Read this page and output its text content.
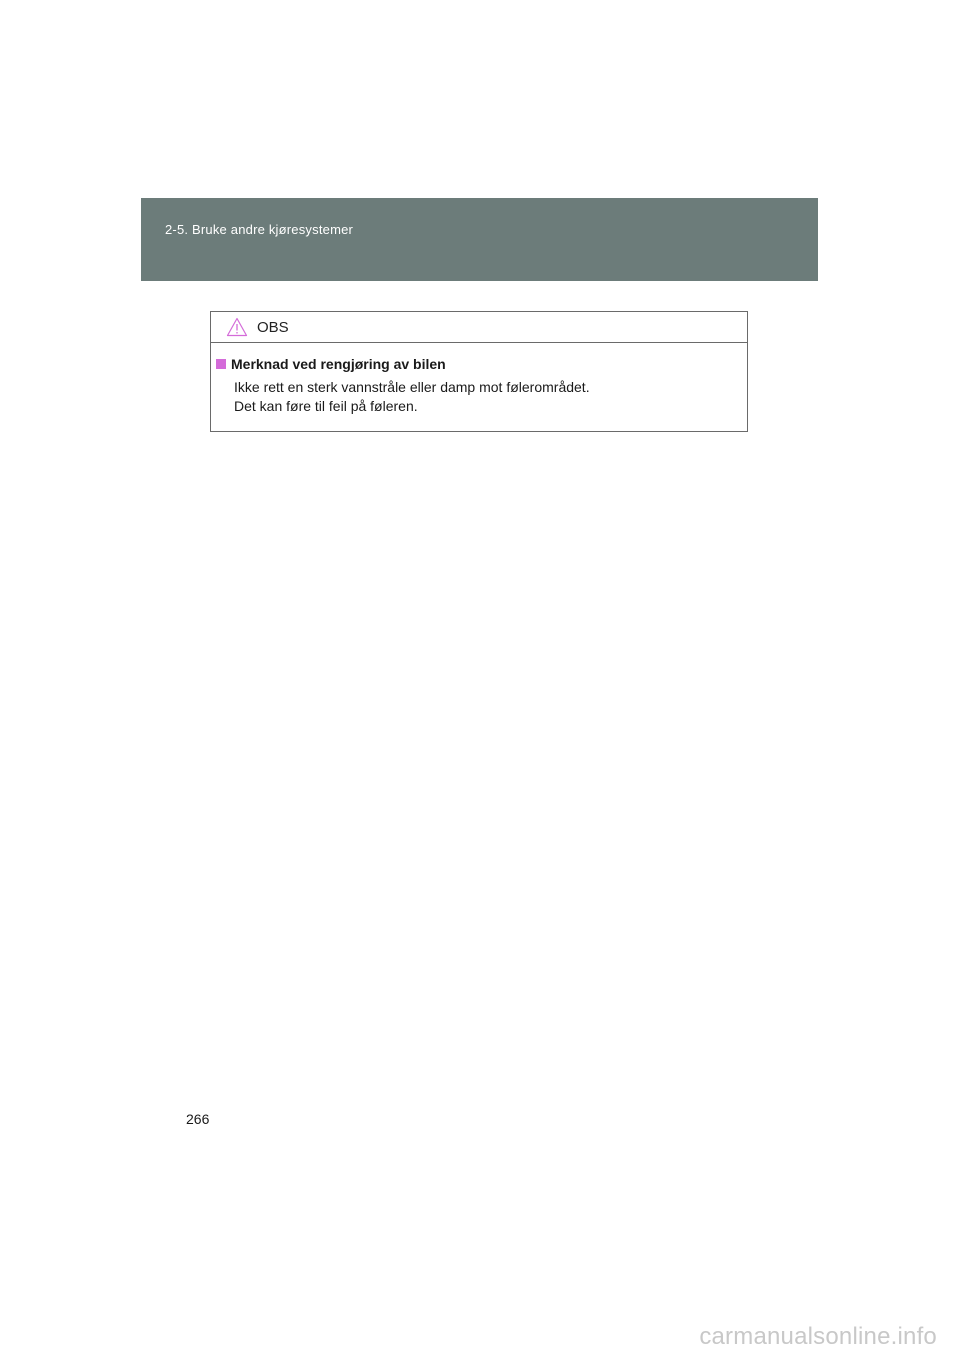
2-5. Bruke andre kjøresystemer
OBS
Merknad ved rengjøring av bilen
Ikke rett en sterk vannstråle eller damp mot følerområdet.
Det kan føre til feil på føleren.
266
carmanualsonline.info
